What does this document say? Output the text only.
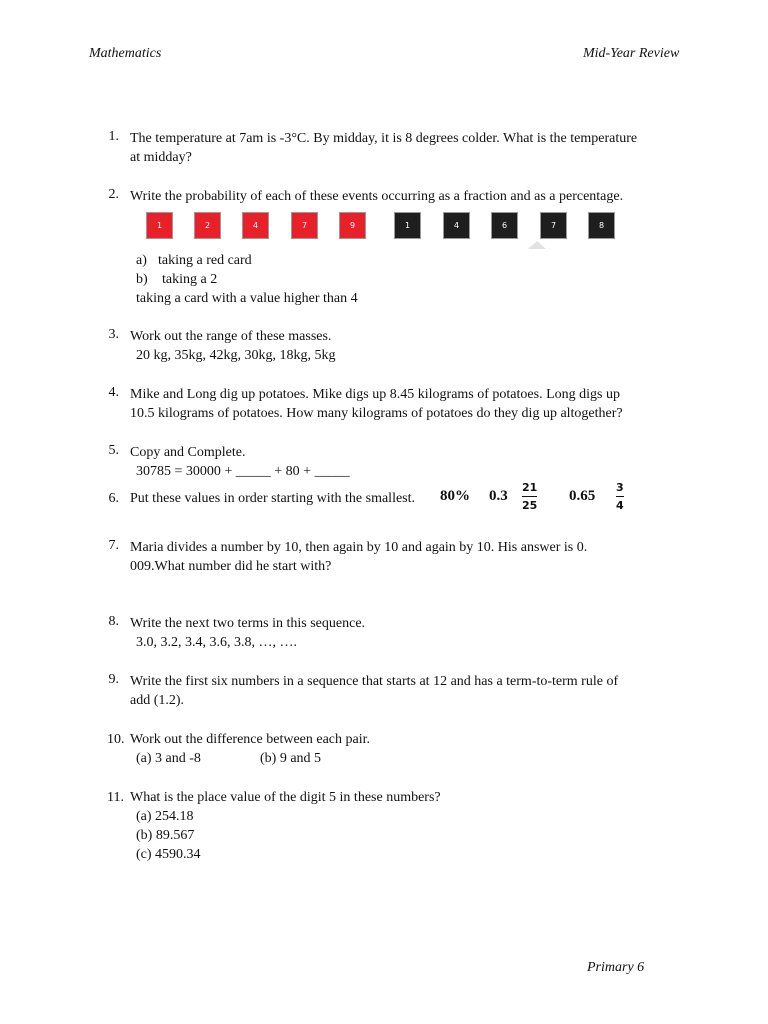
Mathematics	Mid-Year Review
1. The temperature at 7am is -3°C. By midday, it is 8 degrees colder. What is the temperature
at midday?
2. Write the probability of each of these events occurring as a fraction and as a percentage.
1	2	4	7	9	1	4	6	7	8
a) taking a red card
b) taking a 2
taking a card with a value higher than 4
3. Work out the range of these masses.
20 kg, 35kg, 42kg, 30kg, 18kg, 5kg
4. Mike and Long dig up potatoes. Mike digs up 8.45 kilograms of potatoes. Long digs up
10.5 kilograms of potatoes. How many kilograms of potatoes do they dig up altogether?
5. Copy and Complete.
30785 = 30000 + _____ + 80 + _____
6. Put these values in order starting with the smallest. 80% 0.3
21
25
0.65
3
4
7. Maria divides a number by 10, then again by 10 and again by 10. His answer is 0.
009.What number did he start with?
8. Write the next two terms in this sequence.
3.0, 3.2, 3.4, 3.6, 3.8, …, ….
9. Write the first six numbers in a sequence that starts at 12 and has a term-to-term rule of
add (1.2).
10. Work out the difference between each pair.
(a) 3 and -8	(b) 9 and 5
11. What is the place value of the digit 5 in these numbers?
(a) 254.18
(b) 89.567
(c) 4590.34
Primary 6
